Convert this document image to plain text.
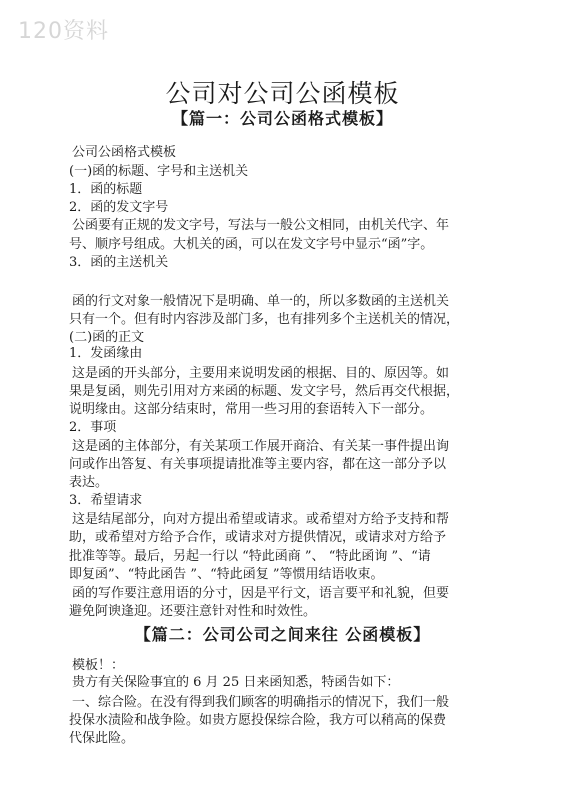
120资料
公司对公司公函模板
【篇一：公司公函格式模板】
公司公函格式模板
(一)函的标题、字号和主送机关
1．函的标题
2．函的发文字号
公函要有正规的发文字号，写法与一般公文相同，由机关代字、年
号、顺序号组成。大机关的函，可以在发文字号中显示“函”字。
3．函的主送机关
函的行文对象一般情况下是明确、单一的，所以多数函的主送机关
只有一个。但有时内容涉及部门多，也有排列多个主送机关的情况，
(二)函的正文
1．发函缘由
这是函的开头部分，主要用来说明发函的根据、目的、原因等。如
果是复函，则先引用对方来函的标题、发文字号，然后再交代根据，
说明缘由。这部分结束时，常用一些习用的套语转入下一部分。
2．事项
这是函的主体部分，有关某项工作展开商洽、有关某一事件提出询
问或作出答复、有关事项提请批准等主要内容，都在这一部分予以
表达。
3．希望请求
这是结尾部分，向对方提出希望或请求。或希望对方给予支持和帮
助，或希望对方给予合作，或请求对方提供情况，或请求对方给予
批准等等。最后，另起一行以 “特此函商 ”、 “特此函询 ”、“请
即复函”、“特此函告 ”、“特此函复 ”等惯用结语收束。
函的写作要注意用语的分寸，因是平行文，语言要平和礼貌，但要
避免阿谀逢迎。还要注意针对性和时效性。
【篇二：公司公司之间来往 公函模板】
模板！：
贵方有关保险事宜的 6 月 25 日来函知悉，特函告如下：
一、综合险。在没有得到我们顾客的明确指示的情况下，我们一般
投保水渍险和战争险。如贵方愿投保综合险，我方可以稍高的保费
代保此险。
